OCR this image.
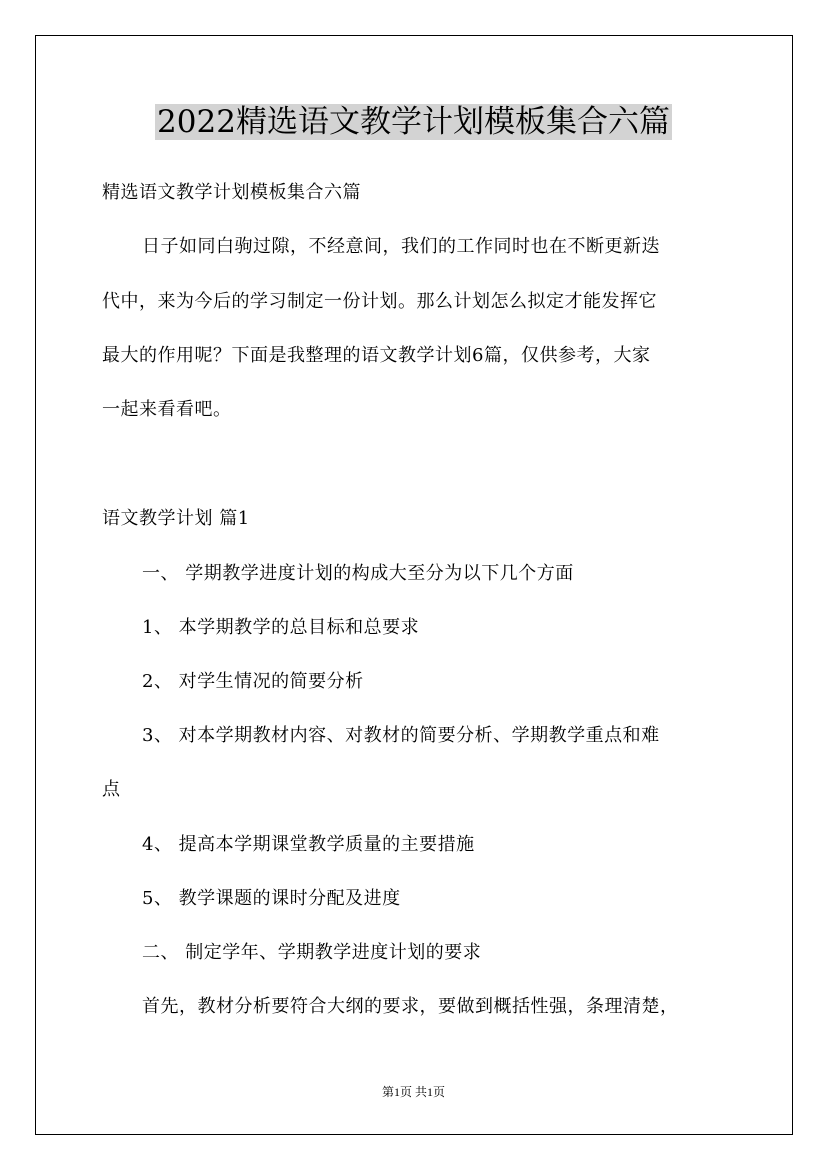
2022精选语文教学计划模板集合六篇
精选语文教学计划模板集合六篇
日子如同白驹过隙，不经意间，我们的工作同时也在不断更新迭
代中，来为今后的学习制定一份计划。那么计划怎么拟定才能发挥它
最大的作用呢？下面是我整理的语文教学计划6篇，仅供参考，大家
一起来看看吧。
语文教学计划 篇1
一、 学期教学进度计划的构成大至分为以下几个方面
1、 本学期教学的总目标和总要求
2、 对学生情况的简要分析
3、 对本学期教材内容、对教材的简要分析、学期教学重点和难
点
4、 提高本学期课堂教学质量的主要措施
5、 教学课题的课时分配及进度
二、 制定学年、学期教学进度计划的要求
首先，教材分析要符合大纲的要求，要做到概括性强，条理清楚，
第1页 共1页
